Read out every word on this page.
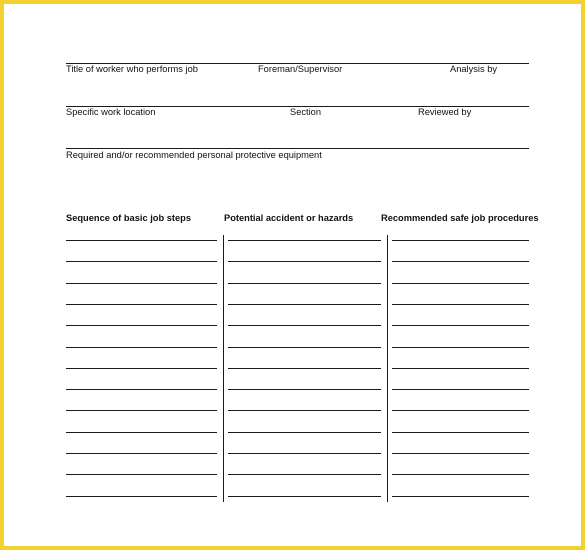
Title of worker who performs job	Foreman/Supervisor	Analysis by
Specific work location	Section	Reviewed by
Required and/or recommended personal protective equipment
Sequence of basic job steps	Potential accident or hazards	Recommended safe job procedures
